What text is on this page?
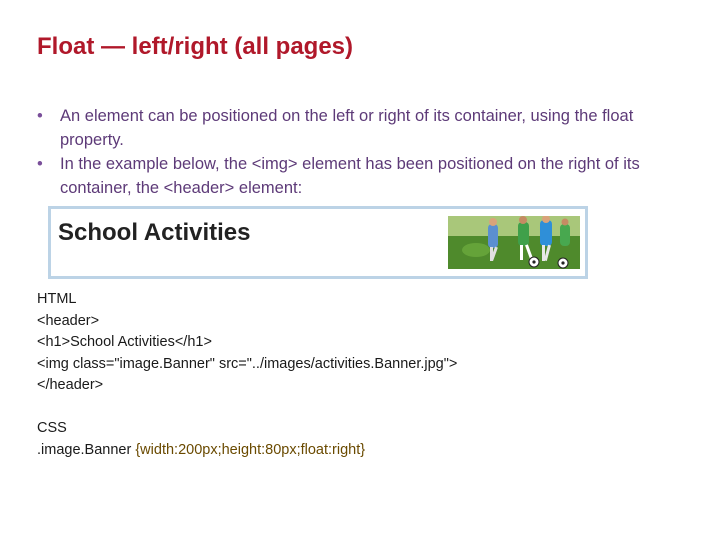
Float — left/right (all pages)
• An element can be positioned on the left or right of its container, using the float property.
• In the example below, the <img> element has been positioned on the right of its container, the <header> element:
School Activities
HTML
<header>
<h1>School Activities</h1>
<img class="image.Banner" src="../images/activities.Banner.jpg">
</header>
CSS
.image.Banner {width:200px;height:80px;float:right}
